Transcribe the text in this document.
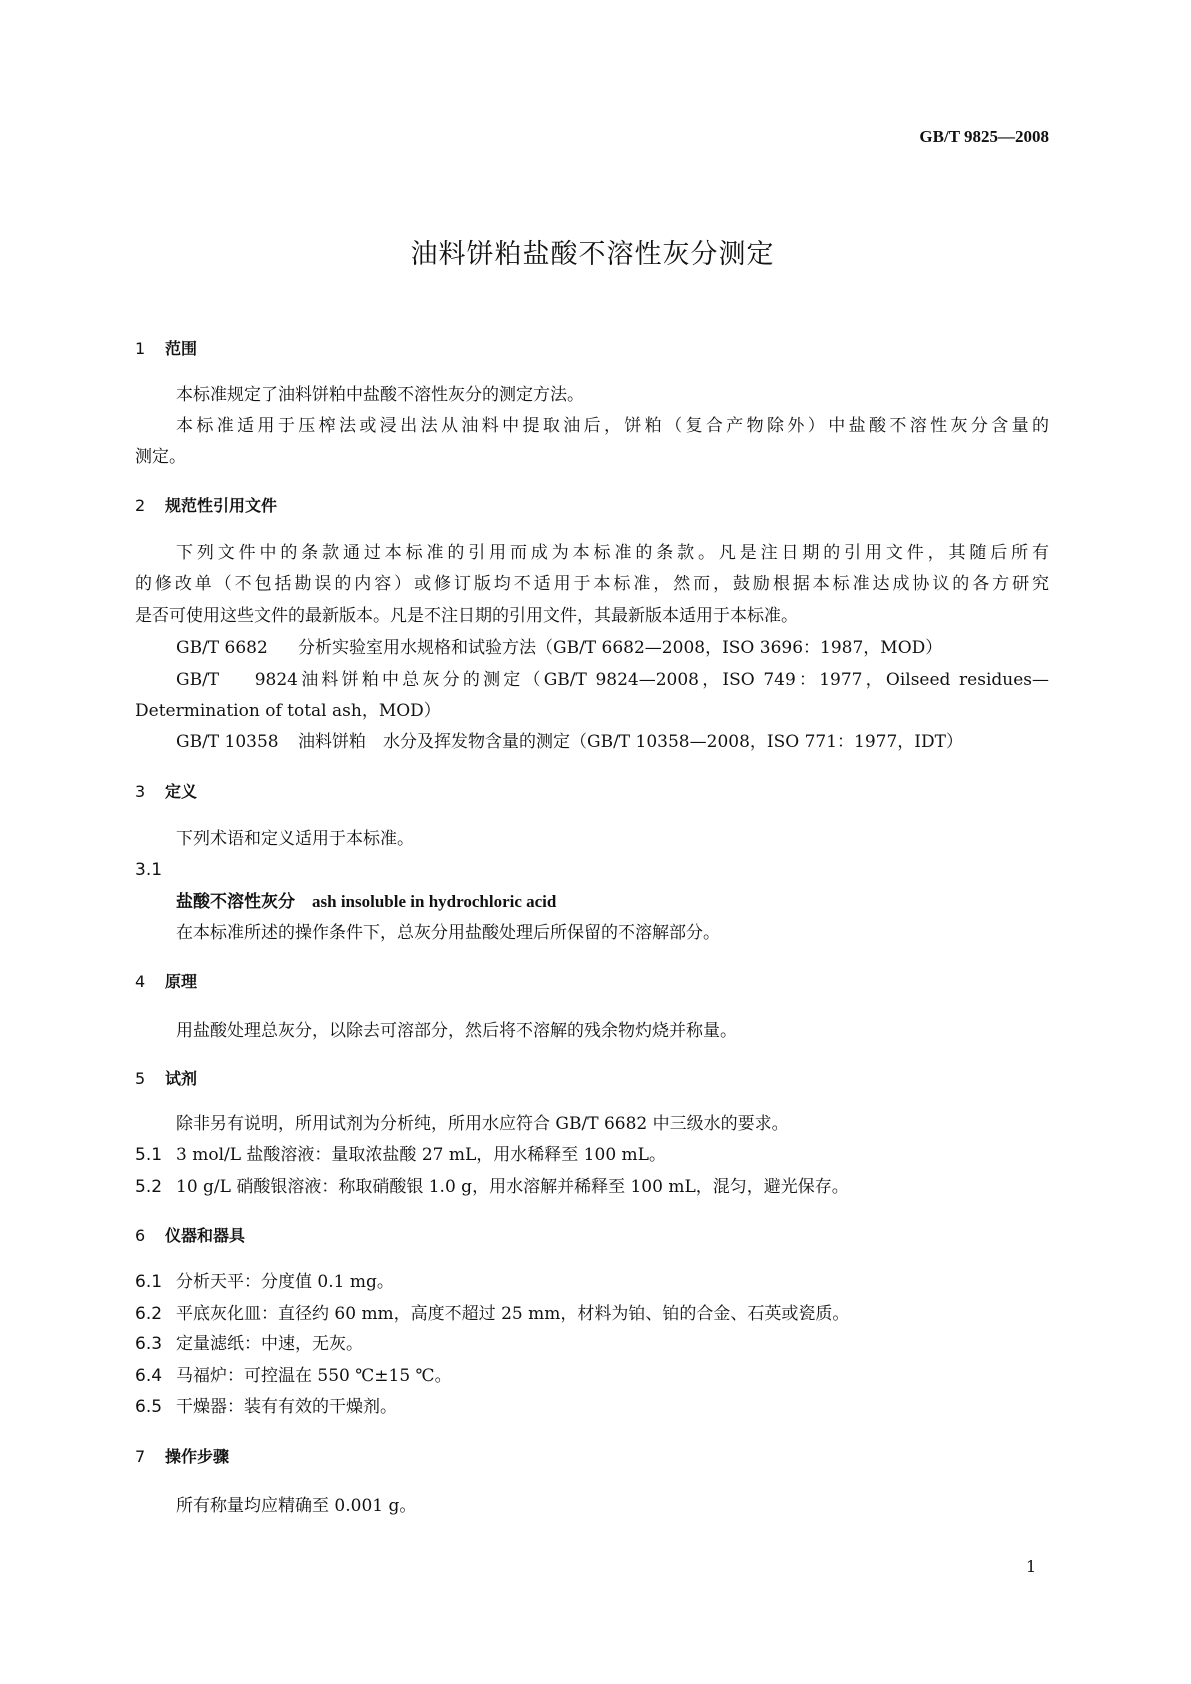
GB/T 9825—2008
油料饼粕盐酸不溶性灰分测定
1 范围
本标准规定了油料饼粕中盐酸不溶性灰分的测定方法。
本标准适用于压榨法或浸出法从油料中提取油后，饼粕（复合产物除外）中盐酸不溶性灰分含量的
测定。
2 规范性引用文件
下列文件中的条款通过本标准的引用而成为本标准的条款。凡是注日期的引用文件，其随后所有
的修改单（不包括勘误的内容）或修订版均不适用于本标准，然而，鼓励根据本标准达成协议的各方研究
是否可使用这些文件的最新版本。凡是不注日期的引用文件，其最新版本适用于本标准。
GB/T 6682 分析实验室用水规格和试验方法（GB/T 6682—2008，ISO 3696：1987，MOD）
GB/T 9824油料饼粕中总灰分的测定（GB/T 9824—2008，ISO 749：1977，Oilseed residues—
Determination of total ash，MOD）
GB/T 10358 油料饼粕　水分及挥发物含量的测定（GB/T 10358—2008，ISO 771：1977，IDT）
3 定义
下列术语和定义适用于本标准。
3.1
盐酸不溶性灰分　 ash insoluble in hydrochloric acid
在本标准所述的操作条件下，总灰分用盐酸处理后所保留的不溶解部分。
4 原理
用盐酸处理总灰分，以除去可溶部分，然后将不溶解的残余物灼烧并称量。
5 试剂
除非另有说明，所用试剂为分析纯，所用水应符合 GB/T 6682 中三级水的要求。
5.1 3 mol/L 盐酸溶液：量取浓盐酸 27 mL，用水稀释至 100 mL。
5.2 10 g/L 硝酸银溶液：称取硝酸银 1.0 g，用水溶解并稀释至 100 mL，混匀，避光保存。
6 仪器和器具
6.1 分析天平：分度值 0.1 mg。
6.2 平底灰化皿：直径约 60 mm，高度不超过 25 mm，材料为铂、铂的合金、石英或瓷质。
6.3 定量滤纸：中速，无灰。
6.4 马福炉：可控温在 550 ℃±15 ℃。
6.5 干燥器：装有有效的干燥剂。
7 操作步骤
所有称量均应精确至 0.001 g。
1
